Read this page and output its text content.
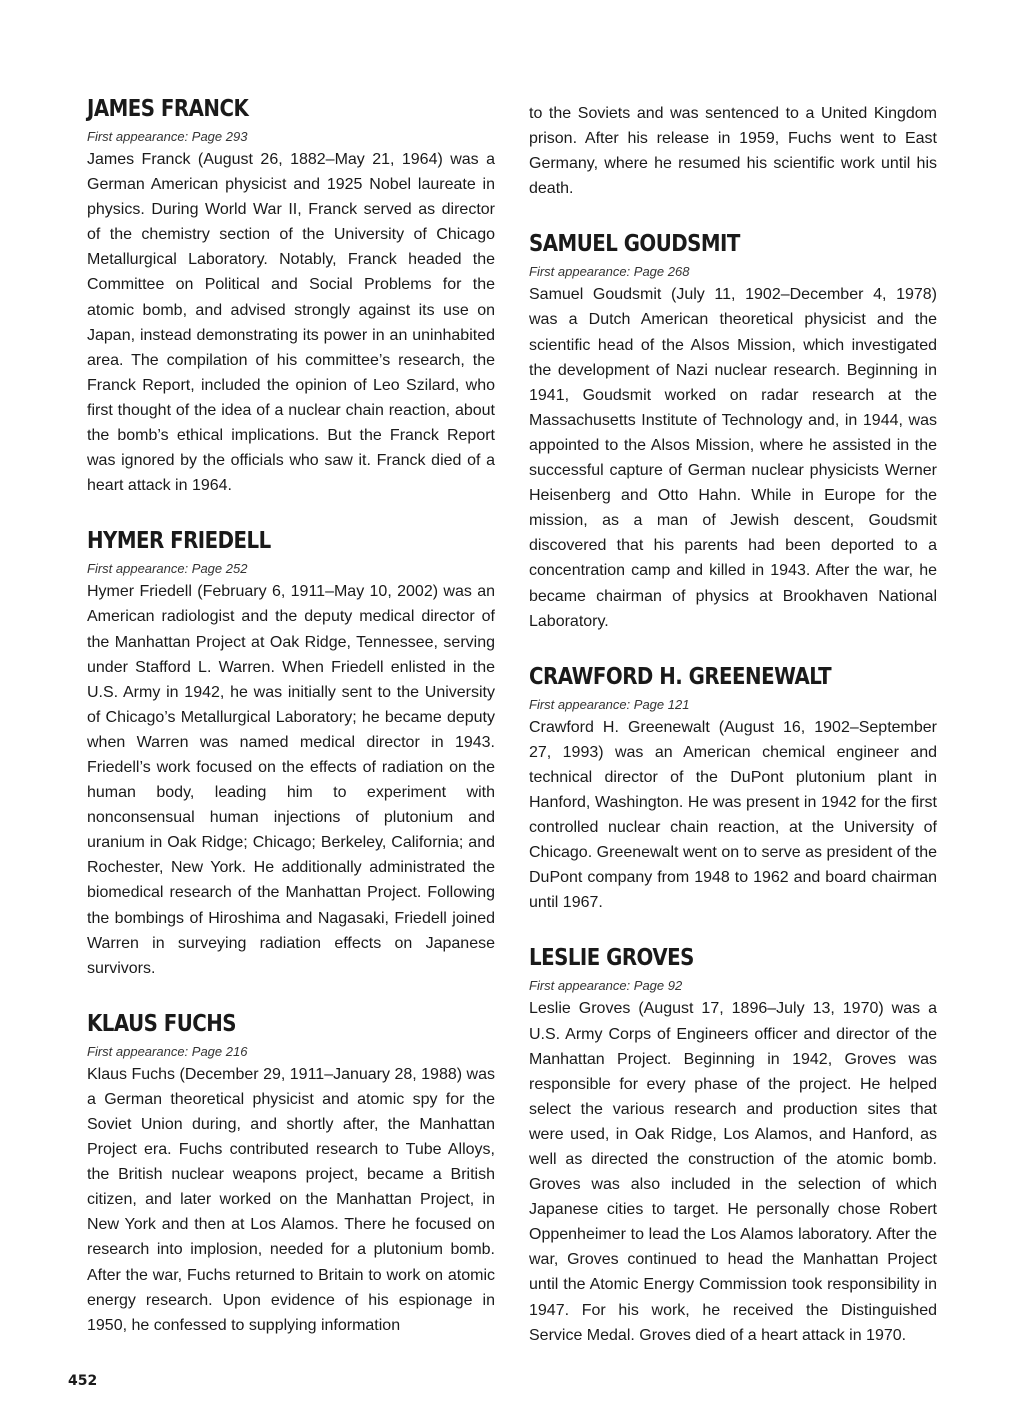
JAMES FRANCK

First appearance: Page 293

James Franck (August 26, 1882–May 21, 1964) was a German American physicist and 1925 Nobel laureate in physics. During World War II, Franck served as director of the chemistry section of the University of Chicago Metallurgical Laboratory. Notably, Franck headed the Committee on Political and Social Problems for the atomic bomb, and advised strongly against its use on Japan, instead demonstrating its power in an uninhabited area. The compilation of his committee’s research, the Franck Report, included the opinion of Leo Szilard, who first thought of the idea of a nuclear chain reaction, about the bomb’s ethical implications. But the Franck Report was ignored by the officials who saw it. Franck died of a heart attack in 1964.

HYMER FRIEDELL

First appearance: Page 252

Hymer Friedell (February 6, 1911–May 10, 2002) was an American radiologist and the deputy medical director of the Manhattan Project at Oak Ridge, Tennessee, serving under Stafford L. Warren. When Friedell enlisted in the U.S. Army in 1942, he was initially sent to the University of Chicago’s Metallurgical Laboratory; he became deputy when Warren was named medical director in 1943. Friedell’s work focused on the effects of radiation on the human body, leading him to experiment with nonconsensual human injections of plutonium and uranium in Oak Ridge; Chicago; Berkeley, California; and Rochester, New York. He additionally administrated the biomedical research of the Manhattan Project. Following the bombings of Hiroshima and Nagasaki, Friedell joined Warren in surveying radiation effects on Japanese survivors.

KLAUS FUCHS

First appearance: Page 216

Klaus Fuchs (December 29, 1911–January 28, 1988) was a German theoretical physicist and atomic spy for the Soviet Union during, and shortly after, the Manhattan Project era. Fuchs contributed research to Tube Alloys, the British nuclear weapons project, became a British citizen, and later worked on the Manhattan Project, in New York and then at Los Alamos. There he focused on research into implosion, needed for a plutonium bomb. After the war, Fuchs returned to Britain to work on atomic energy research. Upon evidence of his espionage in 1950, he confessed to supplying information

to the Soviets and was sentenced to a United Kingdom prison. After his release in 1959, Fuchs went to East Germany, where he resumed his scientific work until his death.

SAMUEL GOUDSMIT

First appearance: Page 268

Samuel Goudsmit (July 11, 1902–December 4, 1978) was a Dutch American theoretical physicist and the scientific head of the Alsos Mission, which investigated the development of Nazi nuclear research. Beginning in 1941, Goudsmit worked on radar research at the Massachusetts Institute of Technology and, in 1944, was appointed to the Alsos Mission, where he assisted in the successful capture of German nuclear physicists Werner Heisenberg and Otto Hahn. While in Europe for the mission, as a man of Jewish descent, Goudsmit discovered that his parents had been deported to a concentration camp and killed in 1943. After the war, he became chairman of physics at Brookhaven National Laboratory.

CRAWFORD H. GREENEWALT

First appearance: Page 121

Crawford H. Greenewalt (August 16, 1902–September 27, 1993) was an American chemical engineer and technical director of the DuPont plutonium plant in Hanford, Washington. He was present in 1942 for the first controlled nuclear chain reaction, at the University of Chicago. Greenewalt went on to serve as president of the DuPont company from 1948 to 1962 and board chairman until 1967.

LESLIE GROVES

First appearance: Page 92

Leslie Groves (August 17, 1896–July 13, 1970) was a U.S. Army Corps of Engineers officer and director of the Manhattan Project. Beginning in 1942, Groves was responsible for every phase of the project. He helped select the various research and production sites that were used, in Oak Ridge, Los Alamos, and Hanford, as well as directed the construction of the atomic bomb. Groves was also included in the selection of which Japanese cities to target. He personally chose Robert Oppenheimer to lead the Los Alamos laboratory. After the war, Groves continued to head the Manhattan Project until the Atomic Energy Commission took responsibility in 1947. For his work, he received the Distinguished Service Medal. Groves died of a heart attack in 1970.

452
